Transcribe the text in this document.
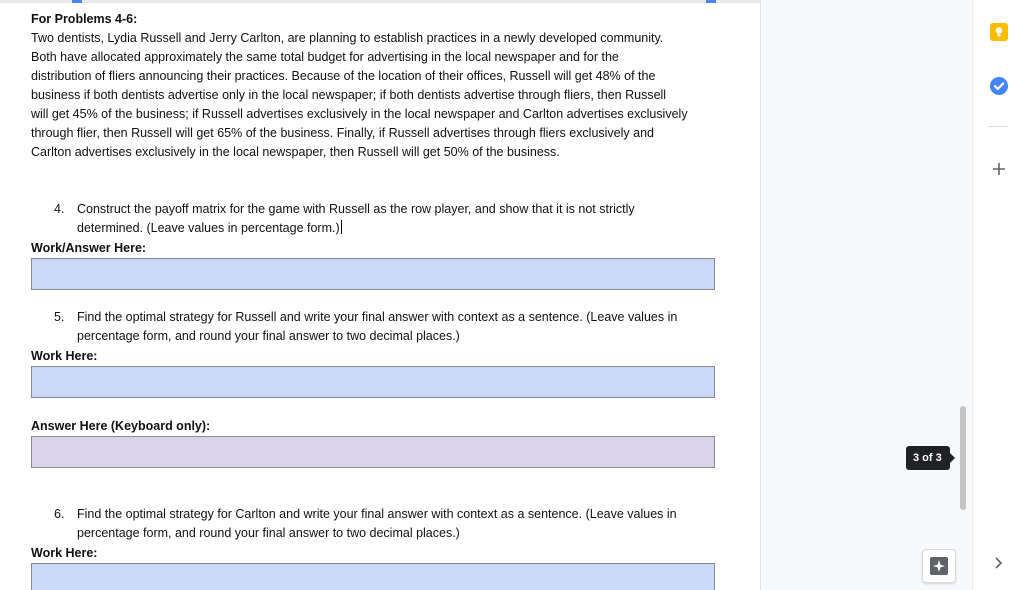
For Problems 4-6:
Two dentists, Lydia Russell and Jerry Carlton, are planning to establish practices in a newly developed community.
Both have allocated approximately the same total budget for advertising in the local newspaper and for the
distribution of fliers announcing their practices. Because of the location of their offices, Russell will get 48% of the
business if both dentists advertise only in the local newspaper; if both dentists advertise through fliers, then Russell
will get 45% of the business; if Russell advertises exclusively in the local newspaper and Carlton advertises exclusively
through flier, then Russell will get 65% of the business. Finally, if Russell advertises through fliers exclusively and
Carlton advertises exclusively in the local newspaper, then Russell will get 50% of the business.
4. Construct the payoff matrix for the game with Russell as the row player, and show that it is not strictly
determined. (Leave values in percentage form.)
Work/Answer Here:
5. Find the optimal strategy for Russell and write your final answer with context as a sentence. (Leave values in
percentage form, and round your final answer to two decimal places.)
Work Here:
Answer Here (Keyboard only):
6. Find the optimal strategy for Carlton and write your final answer with context as a sentence. (Leave values in
percentage form, and round your final answer to two decimal places.)
Work Here:
3 of 3
